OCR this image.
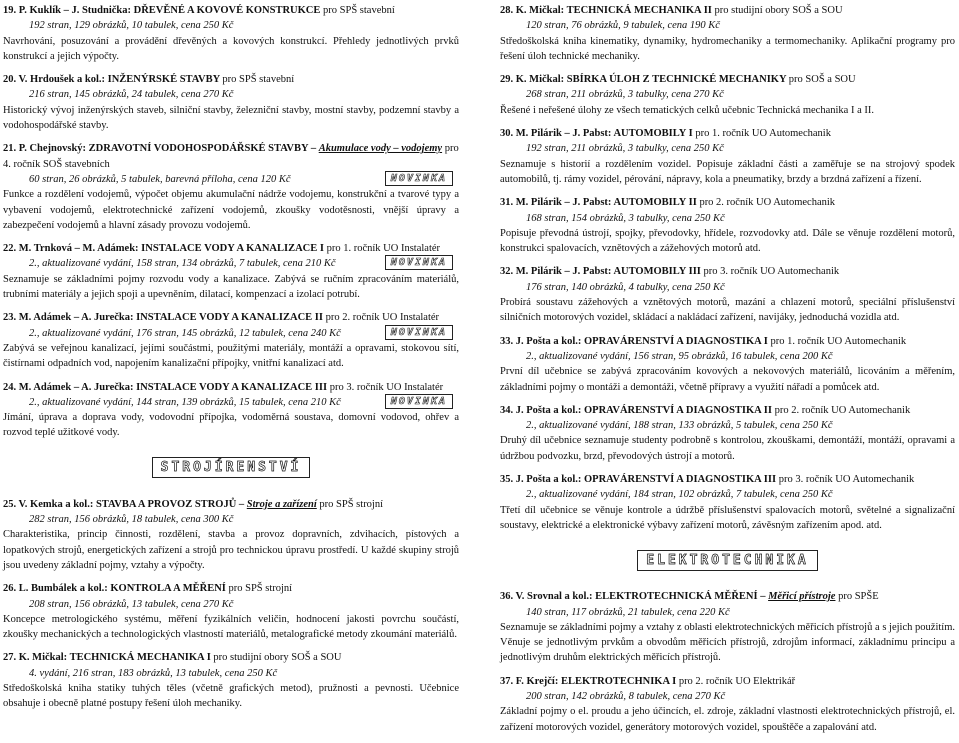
19. P. Kuklík – J. Studnička: DŘEVĚNÉ A KOVOVÉ KONSTRUKCE pro SPŠ stavební
192 stran, 129 obrázků, 10 tabulek, cena 250 Kč
Navrhování, posuzování a provádění dřevěných a kovových konstrukcí. Přehledy jednotlivých prvků konstrukcí a jejich výpočty.
20. V. Hrdoušek a kol.: INŽENÝRSKÉ STAVBY pro SPŠ stavební
216 stran, 145 obrázků, 24 tabulek, cena 270 Kč
Historický vývoj inženýrských staveb, silniční stavby, železniční stavby, mostní stavby, podzemní stavby a vodohospodářské stavby.
21. P. Chejnovský: ZDRAVOTNÍ VODOHOSPODÁŘSKÉ STAVBY – Akumulace vody – vodojemy pro 4. ročník SOŠ stavebních
60 stran, 26 obrázků, 5 tabulek, barevná příloha, cena 120 Kč	NOVINKA
Funkce a rozdělení vodojemů, výpočet objemu akumulační nádrže vodojemu, konstrukční a tvarové typy a vybavení vodojemů, elektrotechnické zařízení vodojemů, zkoušky vodotěsnosti, vnější úpravy a zabezpečení vodojemů a hlavní zásady provozu vodojemů.
22. M. Trnková – M. Adámek: INSTALACE VODY A KANALIZACE I pro 1. ročník UO Instalatér
2., aktualizované vydání, 158 stran, 134 obrázků, 7 tabulek, cena 210 Kč	NOVINKA
Seznamuje se základními pojmy rozvodu vody a kanalizace. Zabývá se ručním zpracováním materiálů, trubními materiály a jejich spoji a upevněním, dilatací, kompenzací a izolací potrubí.
23. M. Adámek – A. Jurečka: INSTALACE VODY A KANALIZACE II pro 2. ročník UO Instalatér
2., aktualizované vydání, 176 stran, 145 obrázků, 12 tabulek, cena 240 Kč	NOVINKA
Zabývá se veřejnou kanalizací, jejími součástmi, použitými materiály, montáží a opravami, stokovou sítí, čistírnami odpadních vod, napojením kanalizační přípojky, vnitřní kanalizací atd.
24. M. Adámek – A. Jurečka: INSTALACE VODY A KANALIZACE III pro 3. ročník UO Instalatér
2., aktualizované vydání, 144 stran, 139 obrázků, 15 tabulek, cena 210 Kč	NOVINKA
Jímání, úprava a doprava vody, vodovodní přípojka, vodoměrná soustava, domovní vodovod, ohřev a rozvod teplé užitkové vody.
STROJÍRENSTVÍ
25. V. Kemka a kol.: STAVBA A PROVOZ STROJŮ – Stroje a zařízení pro SPŠ strojní
282 stran, 156 obrázků, 18 tabulek, cena 300 Kč
Charakteristika, princip činnosti, rozdělení, stavba a provoz dopravních, zdvihacích, pístových a lopatkových strojů, energetických zařízení a strojů pro technickou úpravu prostředí. U každé skupiny strojů jsou uvedeny základní pojmy, vztahy a výpočty.
26. L. Bumbálek a kol.: KONTROLA A MĚŘENÍ pro SPŠ strojní
208 stran, 156 obrázků, 13 tabulek, cena 270 Kč
Koncepce metrologického systému, měření fyzikálních veličin, hodnocení jakosti povrchu součástí, zkoušky mechanických a technologických vlastností materiálů, metalografické metody zkoumání materiálů.
27. K. Mičkal: TECHNICKÁ MECHANIKA I pro studijní obory SOŠ a SOU
4. vydání, 216 stran, 183 obrázků, 13 tabulek, cena 250 Kč
Středoškolská kniha statiky tuhých těles (včetně grafických metod), pružnosti a pevnosti. Učebnice obsahuje i obecně platné postupy řešení úloh mechaniky.
28. K. Mičkal: TECHNICKÁ MECHANIKA II pro studijní obory SOŠ a SOU
120 stran, 76 obrázků, 9 tabulek, cena 190 Kč
Středoškolská kniha kinematiky, dynamiky, hydromechaniky a termomechaniky. Aplikační programy pro řešení úloh technické mechaniky.
29. K. Mičkal: SBÍRKA ÚLOH Z TECHNICKÉ MECHANIKY pro SOŠ a SOU
268 stran, 211 obrázků, 3 tabulky, cena 270 Kč
Řešené i neřešené úlohy ze všech tematických celků učebnic Technická mechanika I a II.
30. M. Pilárik – J. Pabst: AUTOMOBILY I pro 1. ročník UO Automechanik
192 stran, 211 obrázků, 3 tabulky, cena 250 Kč
Seznamuje s historií a rozdělením vozidel. Popisuje základní části a zaměřuje se na strojový spodek automobilů, tj. rámy vozidel, pérování, nápravy, kola a pneumatiky, brzdy a brzdná zařízení a řízení.
31. M. Pilárik – J. Pabst: AUTOMOBILY II pro 2. ročník UO Automechanik
168 stran, 154 obrázků, 3 tabulky, cena 250 Kč
Popisuje převodná ústrojí, spojky, převodovky, hřídele, rozvodovky atd. Dále se věnuje rozdělení motorů, konstrukci spalovacích, vznětových a zážehových motorů atd.
32. M. Pilárik – J. Pabst: AUTOMOBILY III pro 3. ročník UO Automechanik
176 stran, 140 obrázků, 4 tabulky, cena 250 Kč
Probírá soustavu zážehových a vznětových motorů, mazání a chlazení motorů, speciální příslušenství silničních motorových vozidel, skládací a nakládací zařízení, navijáky, jednoduchá vozidla atd.
33. J. Pošta a kol.: OPRAVÁRENSTVÍ A DIAGNOSTIKA I pro 1. ročník UO Automechanik
2., aktualizované vydání, 156 stran, 95 obrázků, 16 tabulek, cena 200 Kč
První díl učebnice se zabývá zpracováním kovových a nekovových materiálů, licováním a měřením, základními pojmy o montáži a demontáži, včetně přípravy a využití nářadí a pomůcek atd.
34. J. Pošta a kol.: OPRAVÁRENSTVÍ A DIAGNOSTIKA II pro 2. ročník UO Automechanik
2., aktualizované vydání, 188 stran, 133 obrázků, 5 tabulek, cena 250 Kč
Druhý díl učebnice seznamuje studenty podrobně s kontrolou, zkouškami, demontáží, montáží, opravami a údržbou podvozku, brzd, převodových ústrojí a motorů.
35. J. Pošta a kol.: OPRAVÁRENSTVÍ A DIAGNOSTIKA III pro 3. ročník UO Automechanik
2., aktualizované vydání, 184 stran, 102 obrázků, 7 tabulek, cena 250 Kč
Třetí díl učebnice se věnuje kontrole a údržbě příslušenství spalovacích motorů, světelné a signalizační soustavy, elektrické a elektronické výbavy zařízení motorů, závěsným zařízením apod. atd.
ELEKTROTECHNIKA
36. V. Srovnal a kol.: ELEKTROTECHNICKÁ MĚŘENÍ – Měřicí přístroje pro SPŠE
140 stran, 117 obrázků, 21 tabulek, cena 220 Kč
Seznamuje se základními pojmy a vztahy z oblasti elektrotechnických měřicích přístrojů a s jejich použitím. Věnuje se jednotlivým prvkům a obvodům měřicích přístrojů, zdrojům informací, základnímu principu a jednotlivým druhům elektrických měřicích přístrojů.
37. F. Krejčí: ELEKTROTECHNIKA I pro 2. ročník UO Elektrikář
200 stran, 142 obrázků, 8 tabulek, cena 270 Kč
Základní pojmy o el. proudu a jeho účincích, el. zdroje, základní vlastnosti elektrotechnických přístrojů, el. zařízení motorových vozidel, generátory motorových vozidel, spouštěče a zapalování atd.
